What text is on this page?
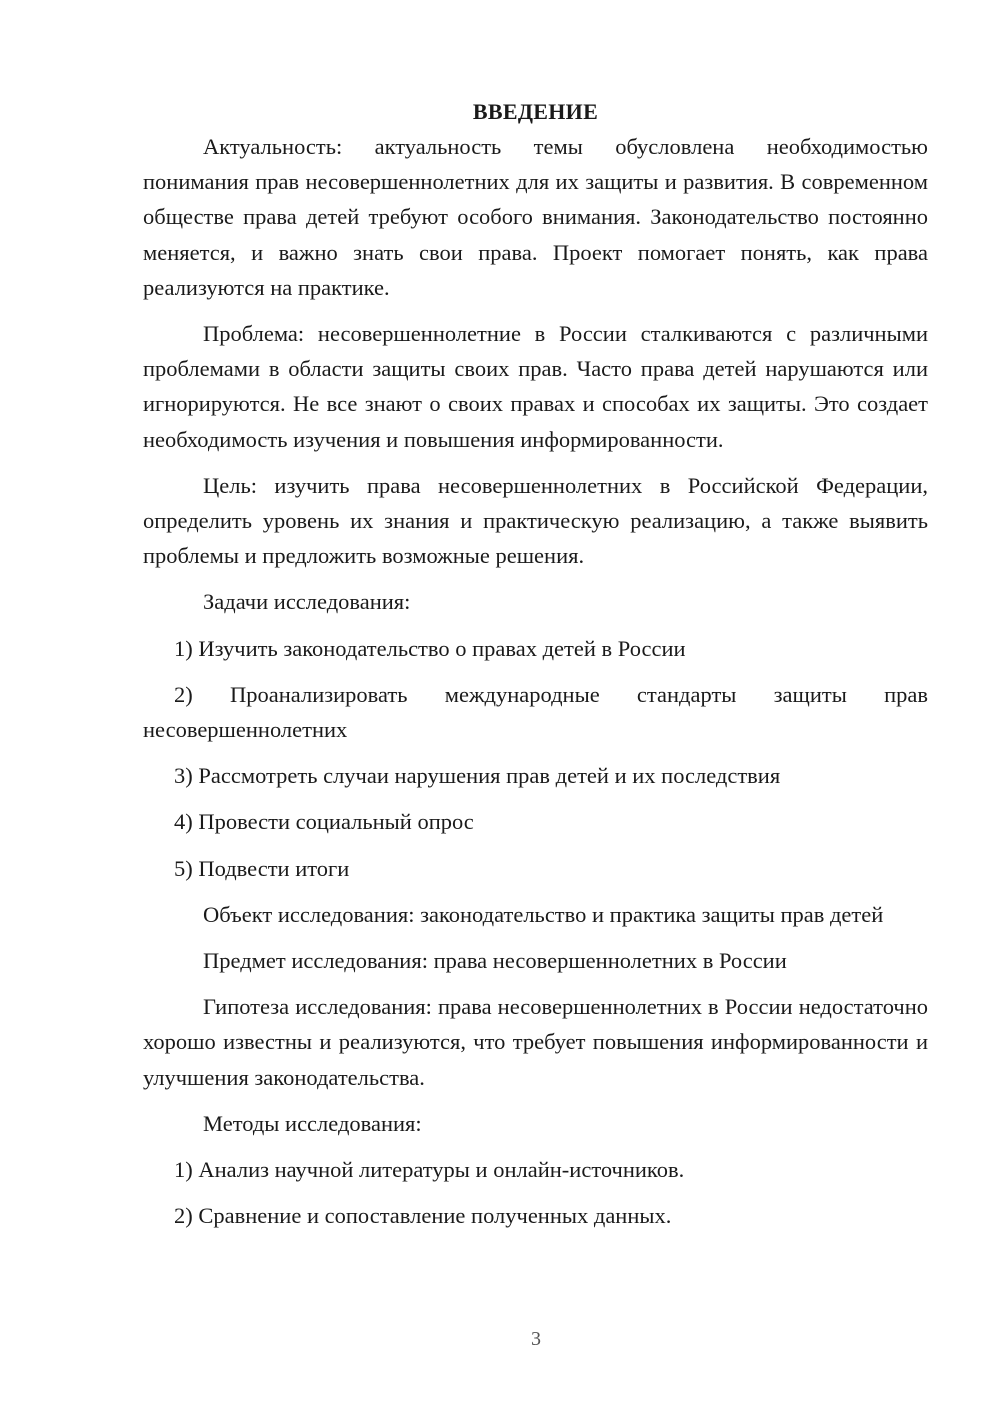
ВВЕДЕНИЕ

Актуальность: актуальность темы обусловлена необходимостью понимания прав несовершеннолетних для их защиты и развития. В современном обществе права детей требуют особого внимания. Законодательство постоянно меняется, и важно знать свои права. Проект помогает понять, как права реализуются на практике.

Проблема: несовершеннолетние в России сталкиваются с различными проблемами в области защиты своих прав. Часто права детей нарушаются или игнорируются. Не все знают о своих правах и способах их защиты. Это создает необходимость изучения и повышения информированности.

Цель: изучить права несовершеннолетних в Российской Федерации, определить уровень их знания и практическую реализацию, а также выявить проблемы и предложить возможные решения.

Задачи исследования:

1) Изучить законодательство о правах детей в России

2) Проанализировать международные стандарты защиты прав несовершеннолетних

3) Рассмотреть случаи нарушения прав детей и их последствия

4) Провести социальный опрос

5) Подвести итоги

Объект исследования: законодательство и практика защиты прав детей

Предмет исследования: права несовершеннолетних в России

Гипотеза исследования: права несовершеннолетних в России недостаточно хорошо известны и реализуются, что требует повышения информированности и улучшения законодательства.

Методы исследования:

1) Анализ научной литературы и онлайн-источников.

2) Сравнение и сопоставление полученных данных.

3
